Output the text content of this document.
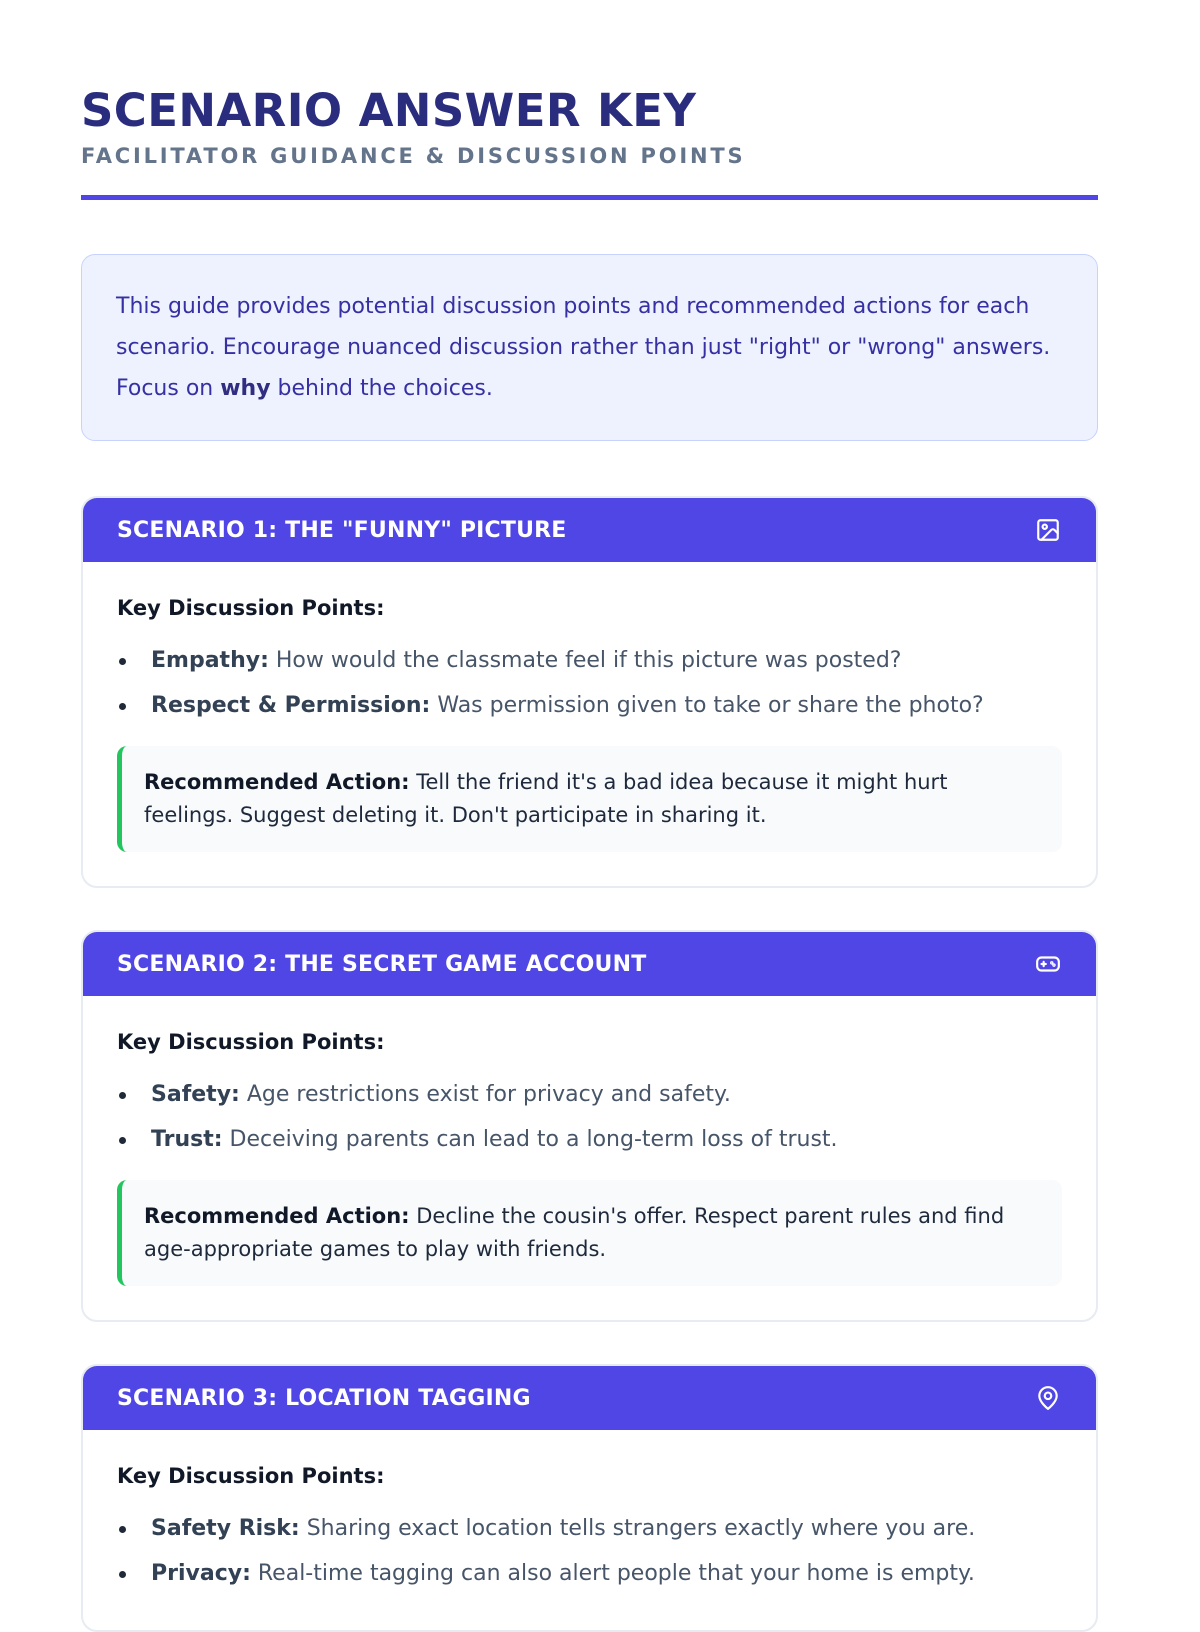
SCENARIO ANSWER KEY
FACILITATOR GUIDANCE & DISCUSSION POINTS
This guide provides potential discussion points and recommended actions for each scenario. Encourage nuanced discussion rather than just "right" or "wrong" answers. Focus on why behind the choices.
SCENARIO 1: THE "FUNNY" PICTURE
Key Discussion Points:
Empathy: How would the classmate feel if this picture was posted?
Respect & Permission: Was permission given to take or share the photo?
Recommended Action: Tell the friend it's a bad idea because it might hurt feelings. Suggest deleting it. Don't participate in sharing it.
SCENARIO 2: THE SECRET GAME ACCOUNT
Key Discussion Points:
Safety: Age restrictions exist for privacy and safety.
Trust: Deceiving parents can lead to a long-term loss of trust.
Recommended Action: Decline the cousin's offer. Respect parent rules and find age-appropriate games to play with friends.
SCENARIO 3: LOCATION TAGGING
Key Discussion Points:
Safety Risk: Sharing exact location tells strangers exactly where you are.
Privacy: Real-time tagging can also alert people that your home is empty.
